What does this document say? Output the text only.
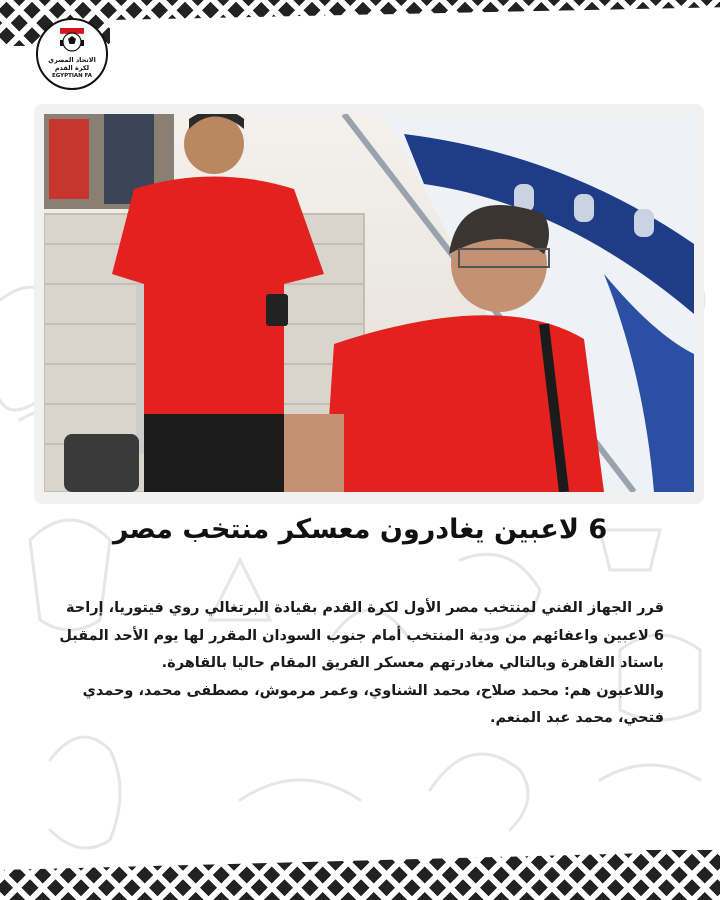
الاتحاد المصري
لكرة القدم
EGYPTIAN FA
6 لاعبين يغادرون معسكر منتخب مصر

قرر الجهاز الفني لمنتخب مصر الأول لكرة القدم بقيادة البرتغالي روي فيتوريا، إراحة 6 لاعبين واعفائهم من ودية المنتخب أمام جنوب السودان المقرر لها يوم الأحد المقبل باستاد القاهرة وبالتالي مغادرتهم معسكر الفريق المقام حاليا بالقاهرة.

واللاعبون هم: محمد صلاح، محمد الشناوي، وعمر مرموش، مصطفى محمد، وحمدي فتحي، محمد عبد المنعم.
